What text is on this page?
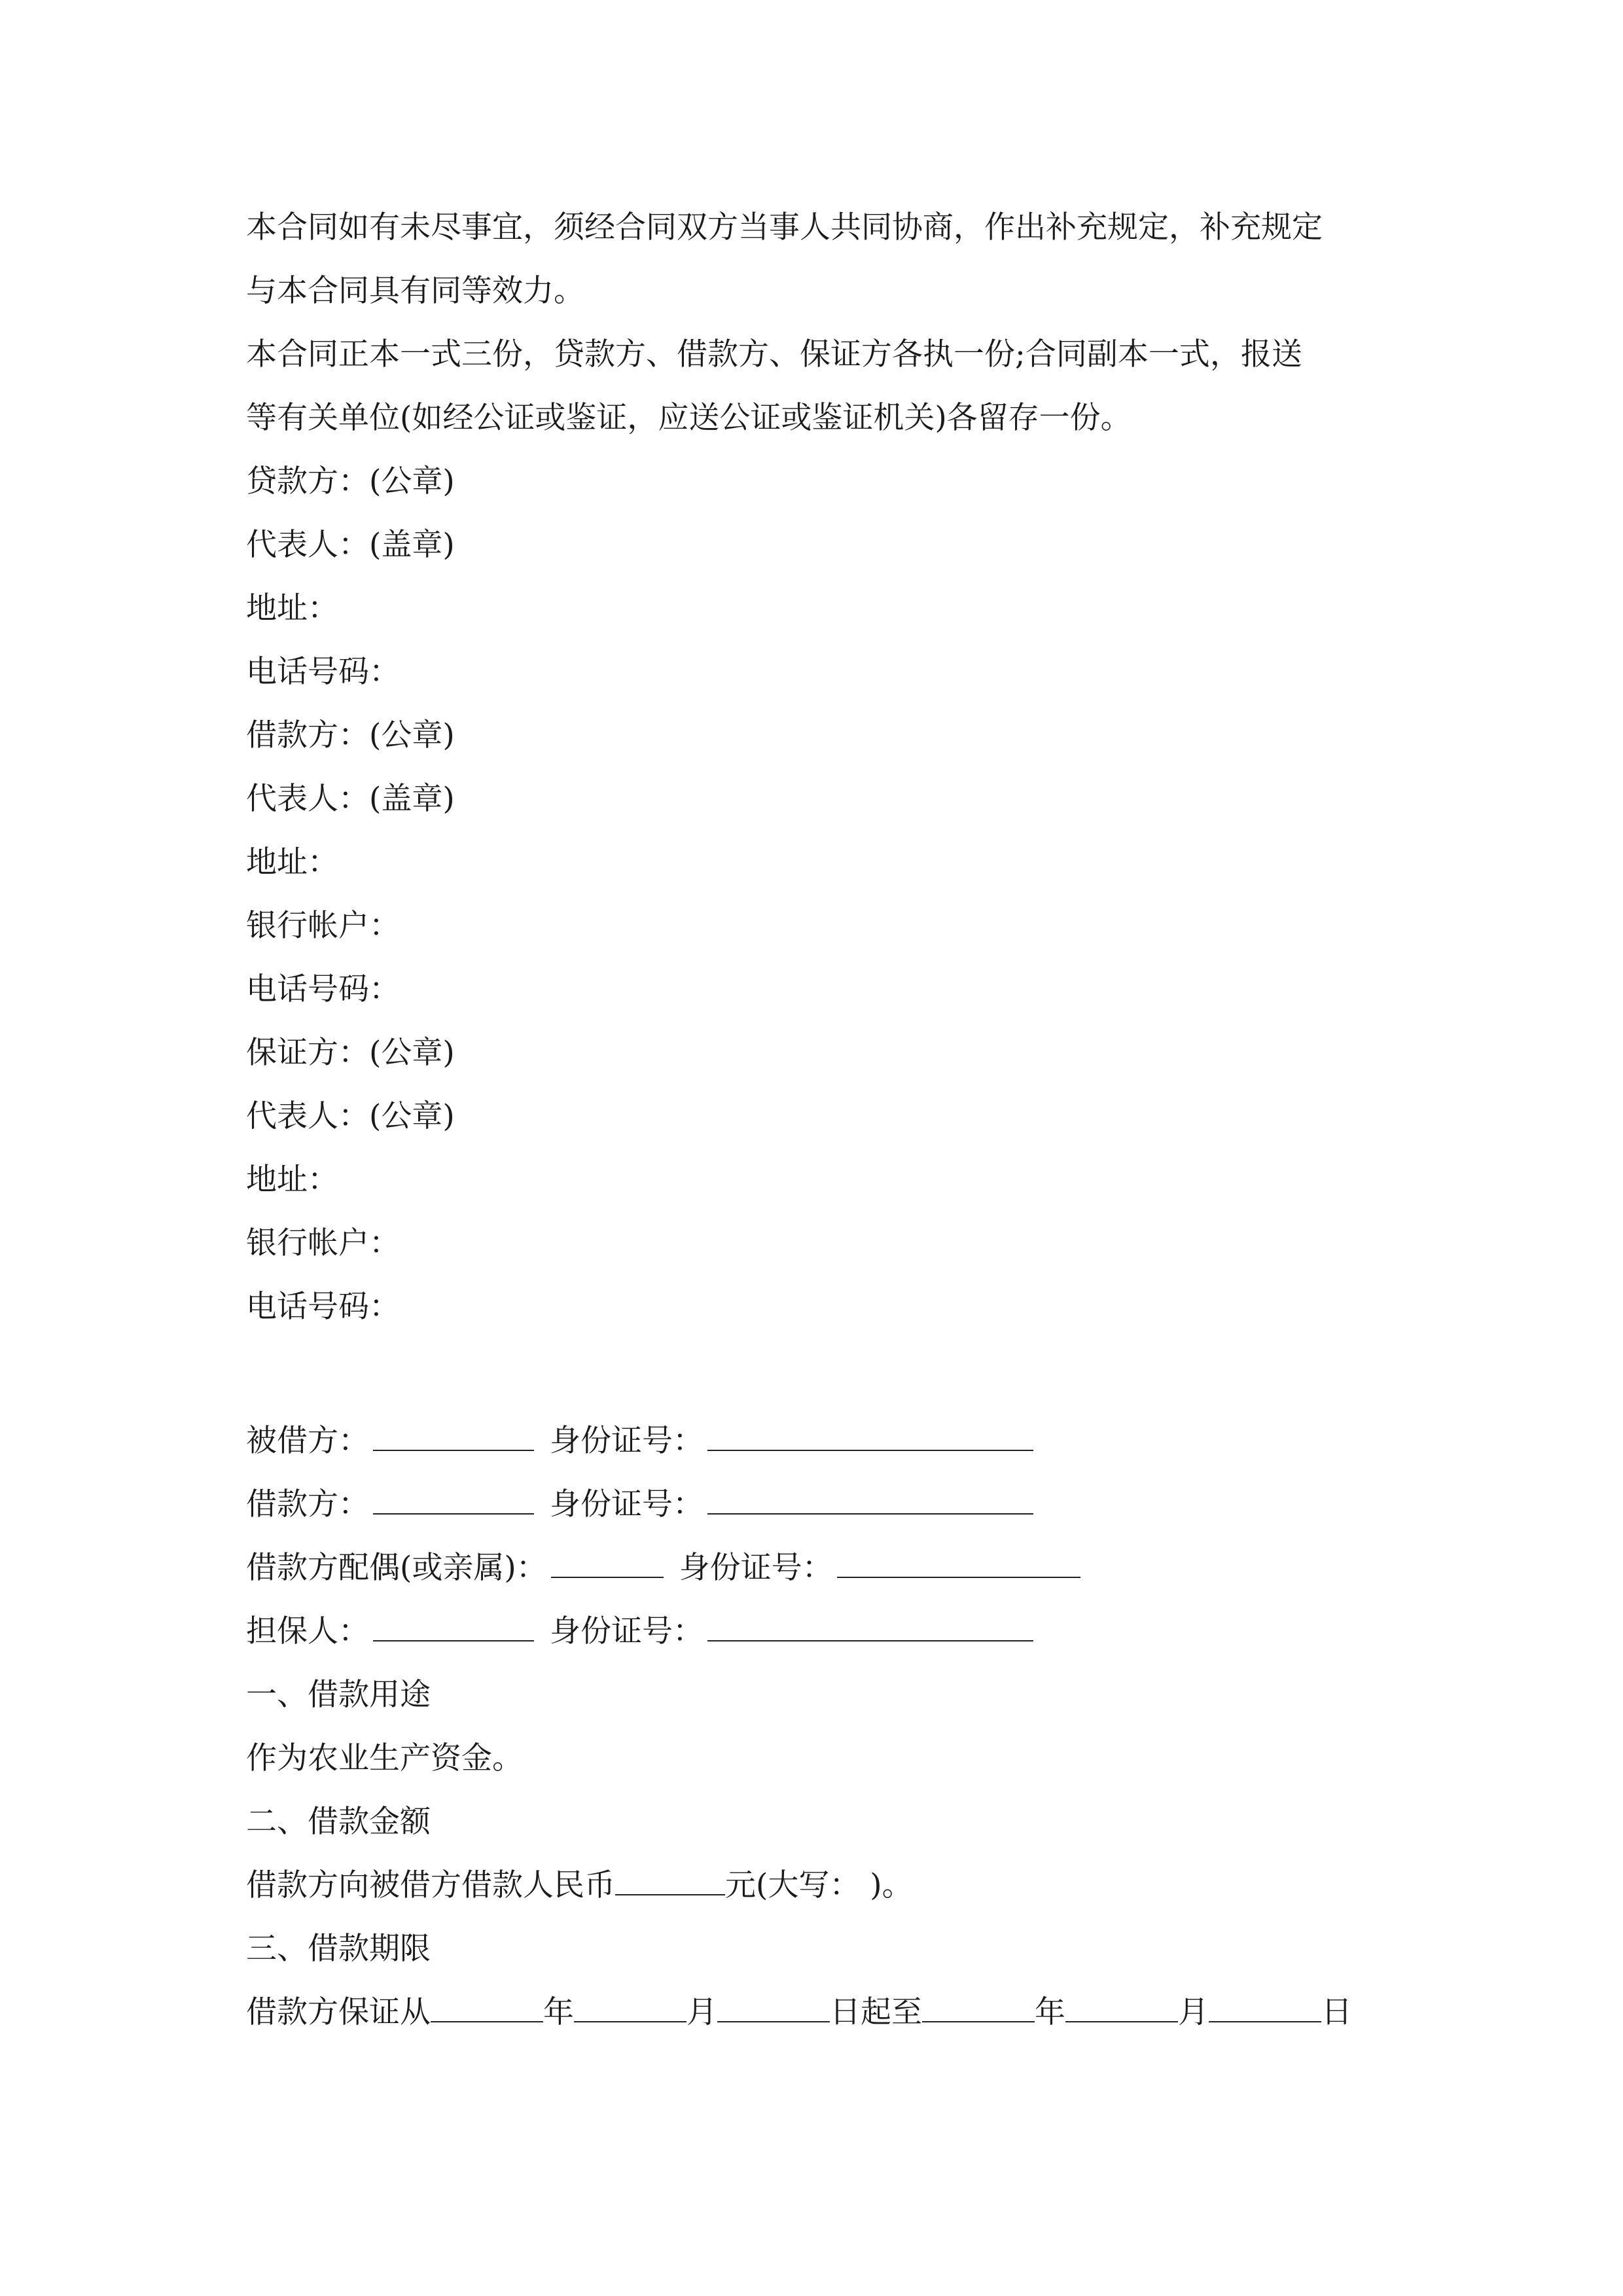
本合同如有未尽事宜，须经合同双方当事人共同协商，作出补充规定，补充规定

与本合同具有同等效力。

本合同正本一式三份，贷款方、借款方、保证方各执一份;合同副本一式，报送

等有关单位(如经公证或鉴证，应送公证或鉴证机关)各留存一份。

贷款方：(公章)

代表人：(盖章)

地址：

电话号码：

借款方：(公章)

代表人：(盖章)

地址：

银行帐户：

电话号码：

保证方：(公章)

代表人：(公章)

地址：

银行帐户：

电话号码：

被借方：	身份证号：
借款方：	身份证号：
借款方配偶(或亲属)：	身份证号：
担保人：	身份证号：

一、借款用途

作为农业生产资金。

二、借款金额

借款方向被借方借款人民币	元(大写： )。

三、借款期限

借款方保证从	年	月	日起至	年	月	日
